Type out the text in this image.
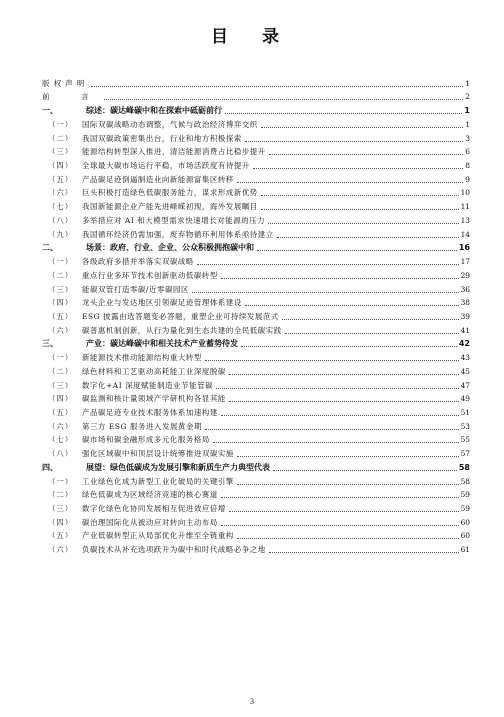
目 录
版权声明	1
前　言	2
一、	综述：碳达峰碳中和在探索中砥砺前行	1
（一）	国际双碳战略动态调整，气候与政治经济博弈交织	1
（二）	我国双碳政策密集出台，行业和地方积极探索	3
（三）	能源结构转型深入推进，清洁能源消费占比稳步提升	6
（四）	全球最大碳市场运行平稳，市场活跃度有待提升	8
（五）	产品碳足迹倒逼制造业向新能源富集区转移	9
（六）	巨头积极打造绿色低碳服务能力，谋求形成新优势	10
（七）	我国新能源企业产能先进峰嵘初现，海外发展瞩目	11
（八）	多举措应对 AI 和大模型需求快速增长对能源的压力	13
（九）	我国循环经济仍需加强，废弃物循环利用体系亟待建立	14
二、	场景：政府、行业、企业、公众积极拥抱碳中和	16
（一）	各级政府多措并举落实双碳战略	17
（二）	重点行业多环节技术创新驱动低碳转型	29
（三）	能碳双管打造零碳/近零碳园区	36
（四）	龙头企业与发达地区引领碳足迹管理体系建设	38
（五）	ESG 披露由选答题变必答题，重塑企业可持续发展范式	39
（六）	碳普惠机制创新，从行为量化到生态共建的全民低碳实践	41
三、	产业：碳达峰碳中和相关技术产业蓄势待发	42
（一）	新能源技术推动能源结构重大转型	43
（二）	绿色材料和工艺驱动高耗能工业深度脱碳	45
（三）	数字化+AI 深度赋能制造业节能管碳	47
（四）	碳监测和核计量领域产学研机构各显其能	49
（五）	产品碳足迹专业技术服务体系加速构建	51
（六）	第三方 ESG 服务进入发展黄金期	53
（七）	碳市场和碳金融形成多元化服务格局	55
（八）	强化区域碳中和顶层设计统筹推进双碳实施	57
四、	展望：绿色低碳成为发展引擎和新质生产力典型代表	58
（一）	工业绿色化成为新型工业化破局的关键引擎	58
（二）	绿色低碳成为区域经济竞速的核心赛道	59
（三）	数字化绿色化协同发展相互促进效应倍增	59
（四）	碳治理国际化从被动应对转向主动布局	60
（五）	产业低碳转型正从局部优化升维至全链重构	60
（六）	负碳技术从补充选项跃升为碳中和时代战略必争之地	61
3
